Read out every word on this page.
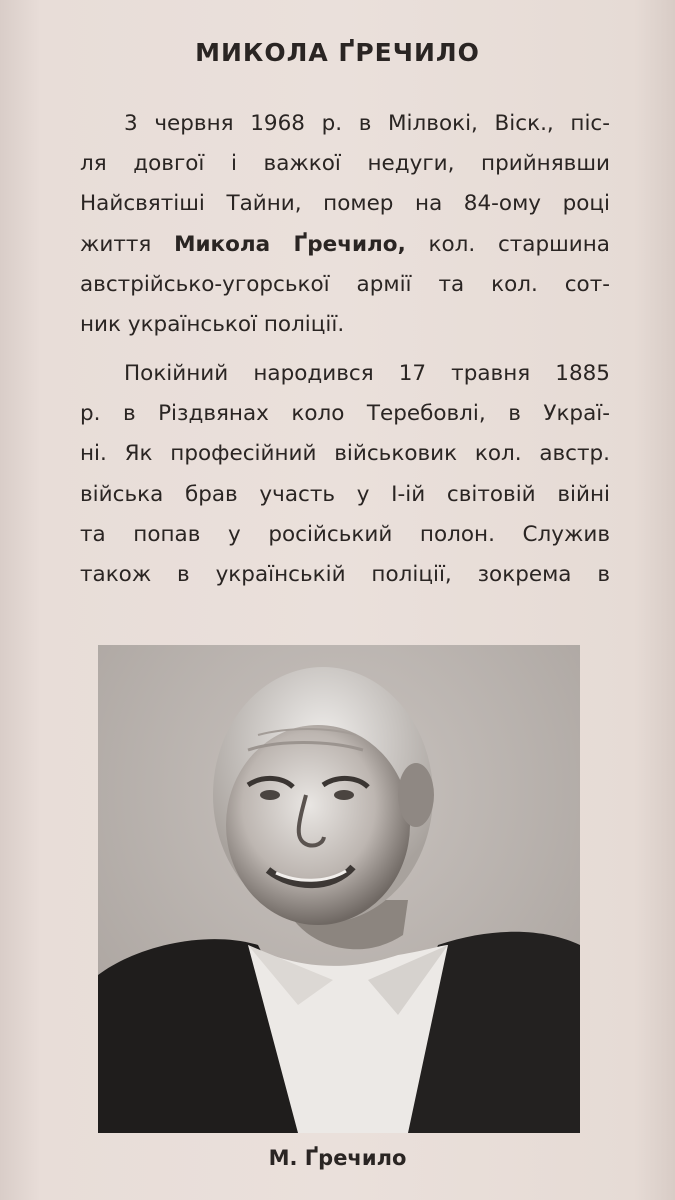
МИКОЛА ҐРЕЧИЛО
3 червня 1968 р. в Мілвокі, Віск., піс-
ля довгої і важкої недуги, прийнявши
Найсвятіші Тайни, помер на 84-ому році
життя Микола Ґречило, кол. старшина
австрійсько-угорської армії та кол. сот-
ник української поліції.
Покійний народився 17 травня 1885
р. в Різдвянах коло Теребовлі, в Украї-
ні. Як професійний військовик кол. австр.
війська брав участь у І-ій світовій війні
та попав у російський полон. Служив
також в українській поліції, зокрема в

М. Ґречило
